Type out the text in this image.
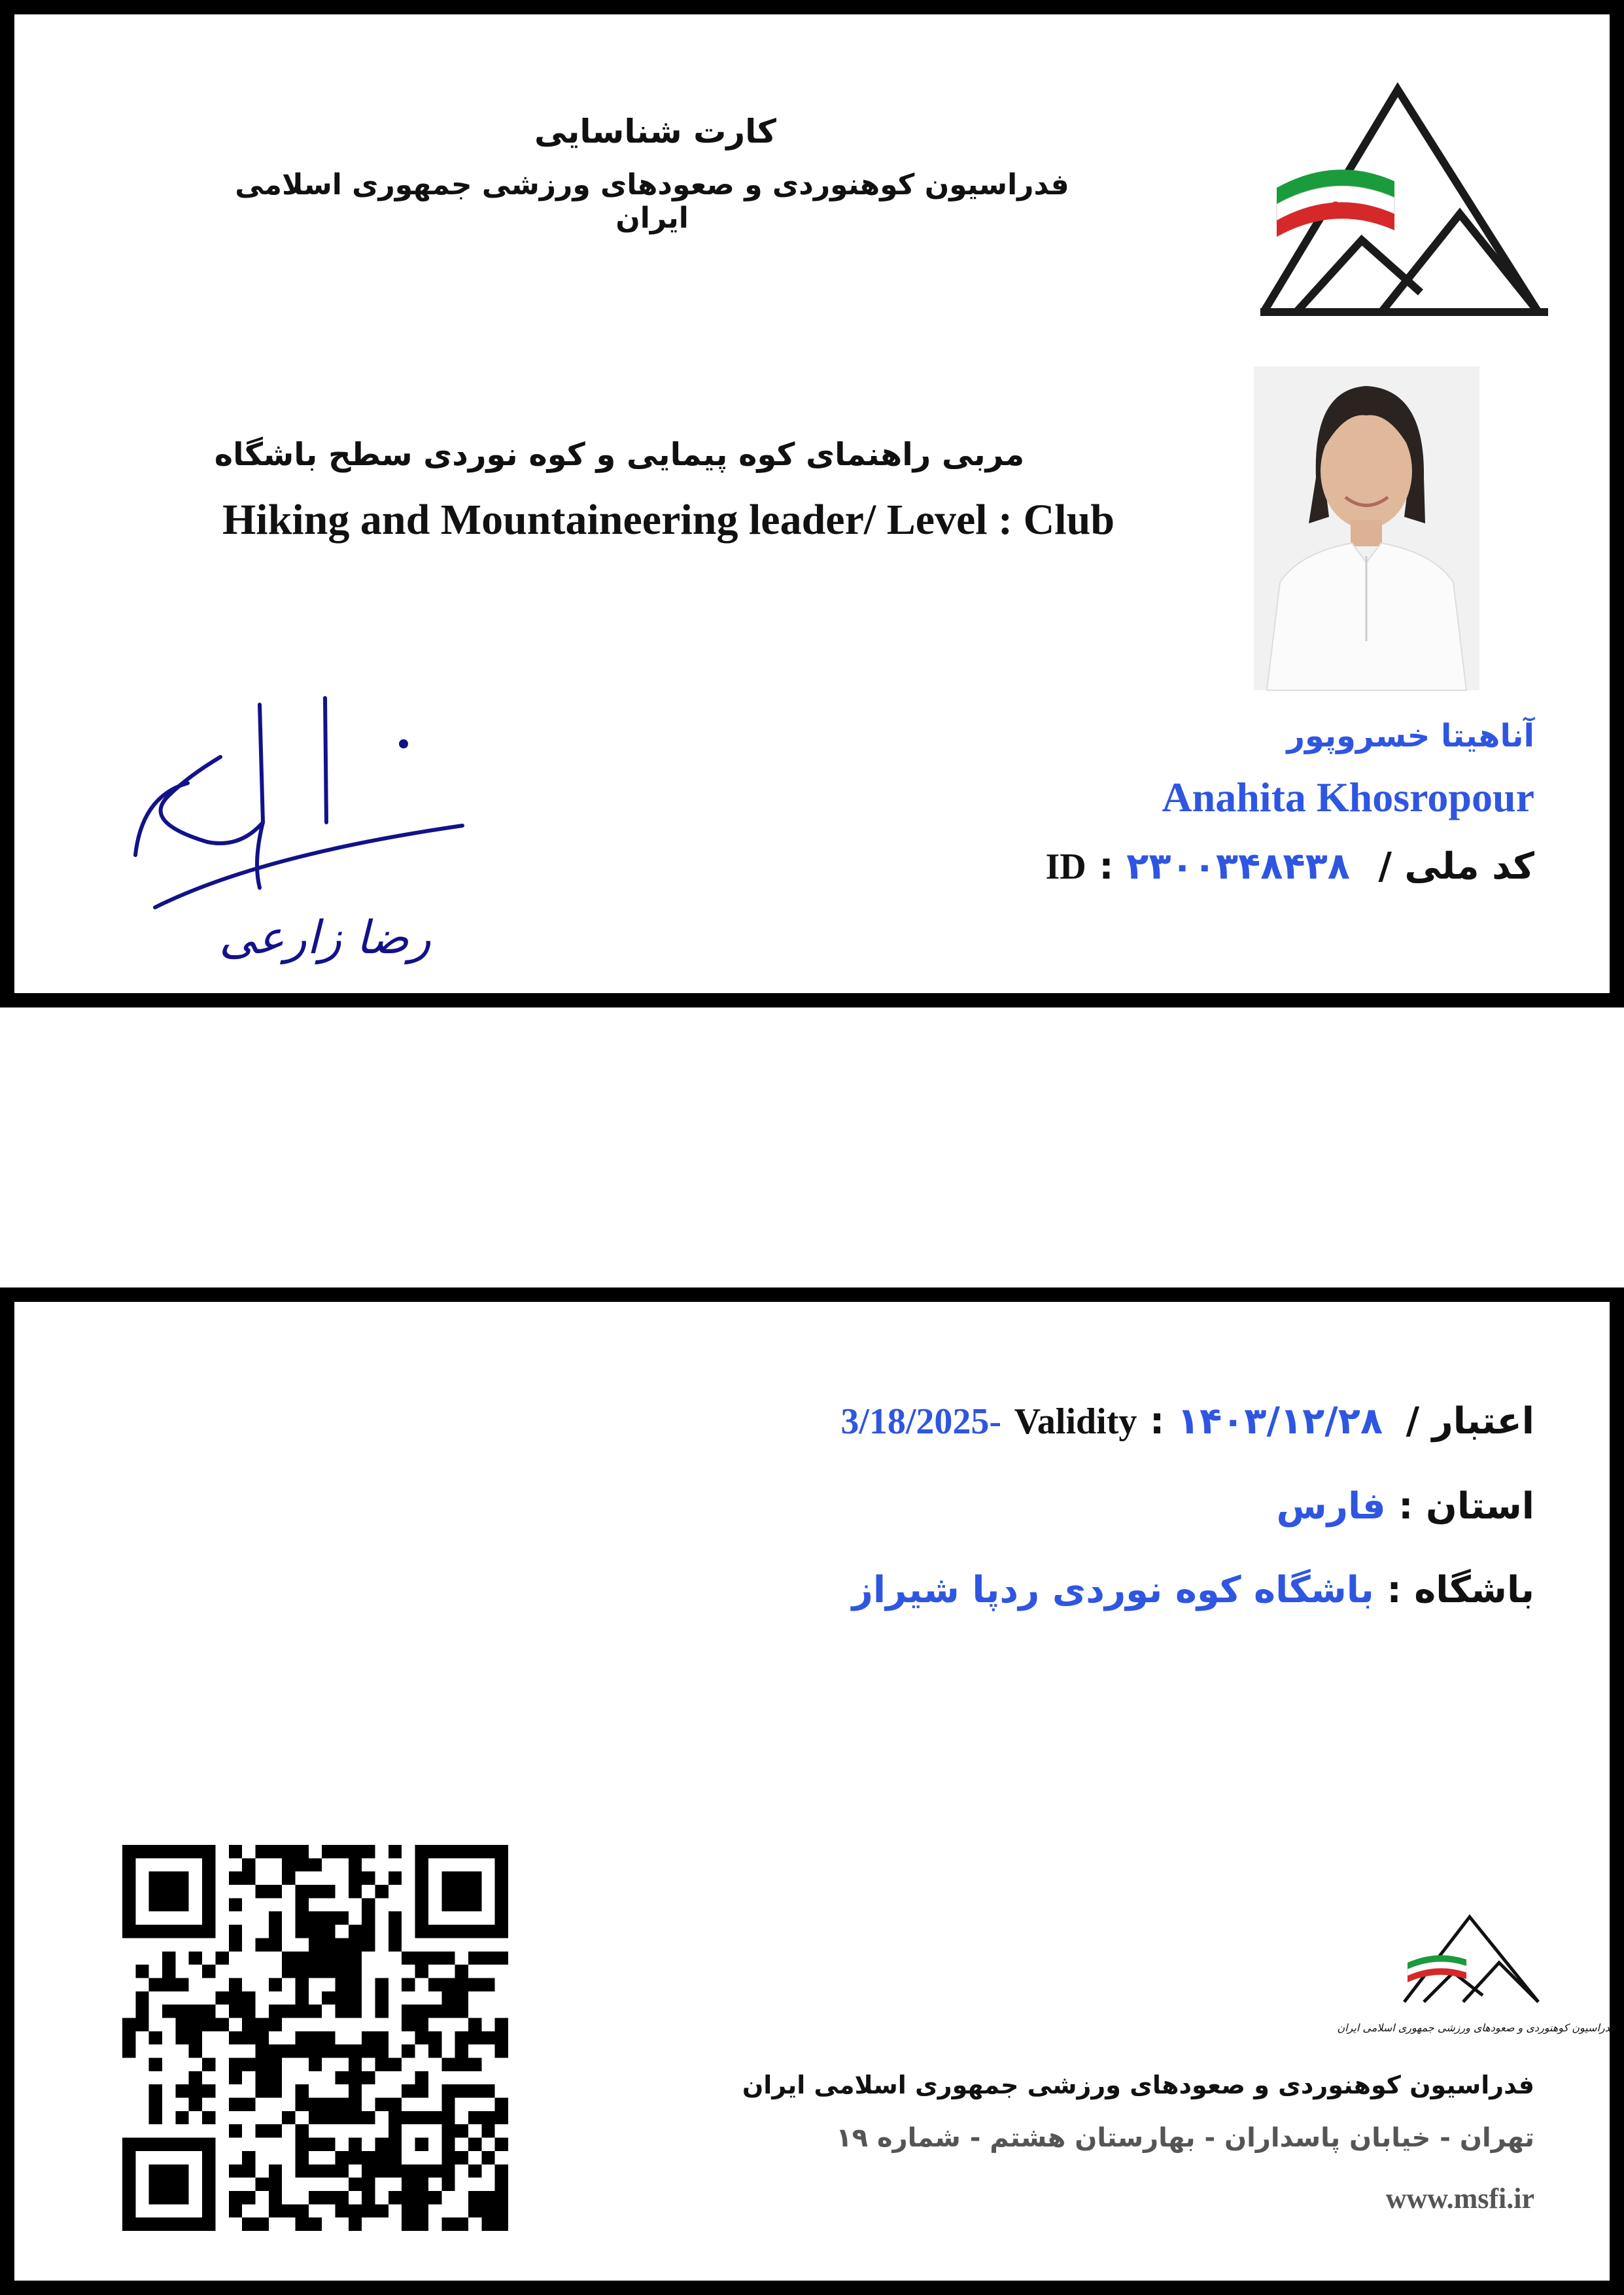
کارت شناسایی
فدراسیون کوهنوردی و صعودهای ورزشی جمهوری اسلامی ایران
مربی راهنمای کوه پیمایی و کوه نوردی سطح باشگاه
Hiking and Mountaineering leader/ Level : Club
رضا زارعی
آناهیتا خسروپور
Anahita Khosropour
کد ملی / ID : ۲۳۰۰۳۴۸۴۳۸
اعتبار / Validity : ۱۴۰۳/۱۲/۲۸ 3/18/2025-
استان : فارس
باشگاه : باشگاه کوه نوردی ردپا شیراز
فدراسیون کوهنوردی و صعودهای ورزشی جمهوری اسلامی ایران
فدراسیون کوهنوردی و صعودهای ورزشی جمهوری اسلامی ایران
تهران - خیابان پاسداران - بهارستان هشتم - شماره ۱۹
www.msfi.ir
